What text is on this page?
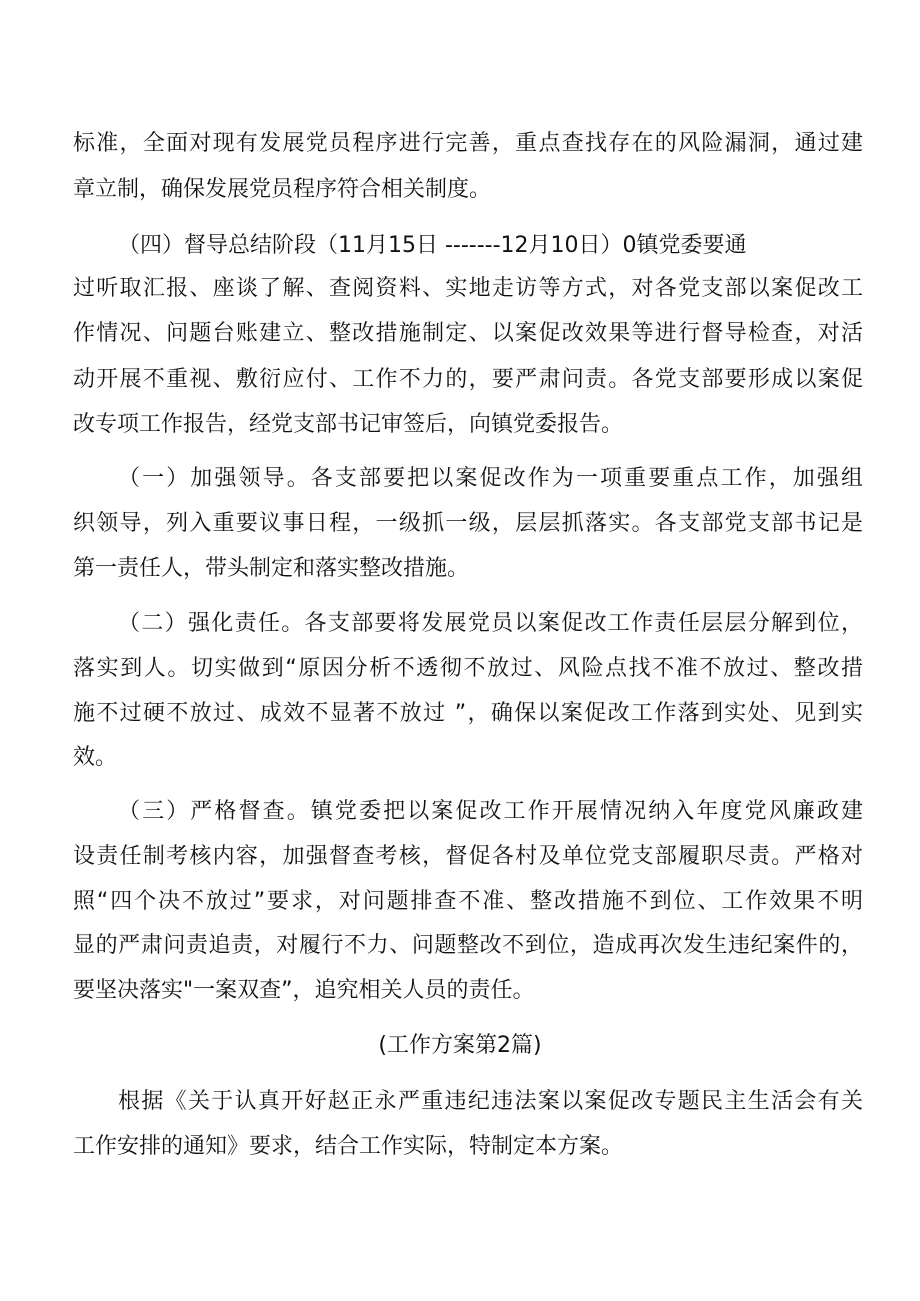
标准，全面对现有发展党员程序进行完善，重点查找存在的风险漏洞，通过建
章立制，确保发展党员程序符合相关制度。
（四）督导总结阶段（11月15日 -------12月10日）0镇党委要通
过听取汇报、座谈了解、查阅资料、实地走访等方式，对各党支部以案促改工
作情况、问题台账建立、整改措施制定、以案促改效果等进行督导检查，对活
动开展不重视、敷衍应付、工作不力的，要严肃问责。各党支部要形成以案促
改专项工作报告，经党支部书记审签后，向镇党委报告。
（一）加强领导。各支部要把以案促改作为一项重要重点工作，加强组
织领导，列入重要议事日程，一级抓一级，层层抓落实。各支部党支部书记是
第一责任人，带头制定和落实整改措施。
（二）强化责任。各支部要将发展党员以案促改工作责任层层分解到位，
落实到人。切实做到“原因分析不透彻不放过、风险点找不准不放过、整改措
施不过硬不放过、成效不显著不放过 ”，确保以案促改工作落到实处、见到实
效。
（三）严格督查。镇党委把以案促改工作开展情况纳入年度党风廉政建
设责任制考核内容，加强督查考核，督促各村及单位党支部履职尽责。严格对
照“四个决不放过”要求，对问题排查不准、整改措施不到位、工作效果不明
显的严肃问责追责，对履行不力、问题整改不到位，造成再次发生违纪案件的，
要坚决落实"一案双查”，追究相关人员的责任。
(工作方案第2篇)
根据《关于认真开好赵正永严重违纪违法案以案促改专题民主生活会有关
工作安排的通知》要求，结合工作实际，特制定本方案。
